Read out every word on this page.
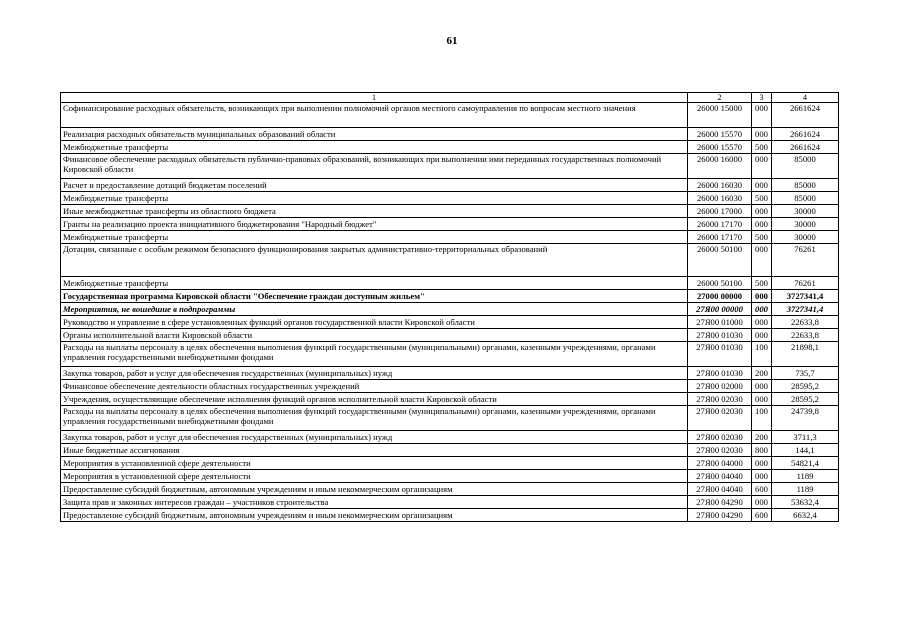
61
1	2	3	4
Софинансирование расходных обязательств, возникающих при выполнении полномочий органов местного самоуправления по вопросам местного значения	26000 15000	000	2661624
Реализация расходных обязательств муниципальных образований области	26000 15570	000	2661624
Межбюджетные трансферты	26000 15570	500	2661624
Финансовое обеспечение расходных обязательств публично-правовых образований, возникающих при выполнении ими переданных государственных полномочий Кировской области	26000 16000	000	85000
Расчет и предоставление дотаций бюджетам поселений	26000 16030	000	85000
Межбюджетные трансферты	26000 16030	500	85000
Иные межбюджетные трансферты из областного бюджета	26000 17000	000	30000
Гранты на реализацию проекта инициативного бюджетирования "Народный бюджет"	26000 17170	000	30000
Межбюджетные трансферты	26000 17170	500	30000
Дотации, связанные с особым режимом безопасного функционирования закрытых административно-территориальных образований	26000 50100	000	76261
Межбюджетные трансферты	26000 50100	500	76261
Государственная программа Кировской области "Обеспечение граждан доступным жильем"	27000 00000	000	3727341,4
Мероприятия, не вошедшие в подпрограммы	27Я00 00000	000	3727341,4
Руководство и управление в сфере установленных функций органов государственной власти Кировской области	27Я00 01000	000	22633,8
Органы исполнительной власти Кировской области	27Я00 01030	000	22633,8
Расходы на выплаты персоналу в целях обеспечения выполнения функций государственными (муниципальными) органами, казенными учреждениями, органами управления государственными внебюджетными фондами	27Я00 01030	100	21898,1
Закупка товаров, работ и услуг для обеспечения государственных (муниципальных) нужд	27Я00 01030	200	735,7
Финансовое обеспечение деятельности областных государственных учреждений	27Я00 02000	000	28595,2
Учреждения, осуществляющие обеспечение исполнения функций органов исполнительной власти Кировской области	27Я00 02030	000	28595,2
Расходы на выплаты персоналу в целях обеспечения выполнения функций государственными (муниципальными) органами, казенными учреждениями, органами управления государственными внебюджетными фондами	27Я00 02030	100	24739,8
Закупка товаров, работ и услуг для обеспечения государственных (муниципальных) нужд	27Я00 02030	200	3711,3
Иные бюджетные ассигнования	27Я00 02030	800	144,1
Мероприятия в установленной сфере деятельности	27Я00 04000	000	54821,4
Мероприятия в установленной сфере деятельности	27Я00 04040	000	1189
Предоставление субсидий бюджетным, автономным учреждениям и иным некоммерческим организациям	27Я00 04040	600	1189
Защита прав и законных интересов граждан – участников строительства	27Я00 04290	000	53632,4
Предоставление субсидий бюджетным, автономным учреждениям и иным некоммерческим организациям	27Я00 04290	600	6632,4
